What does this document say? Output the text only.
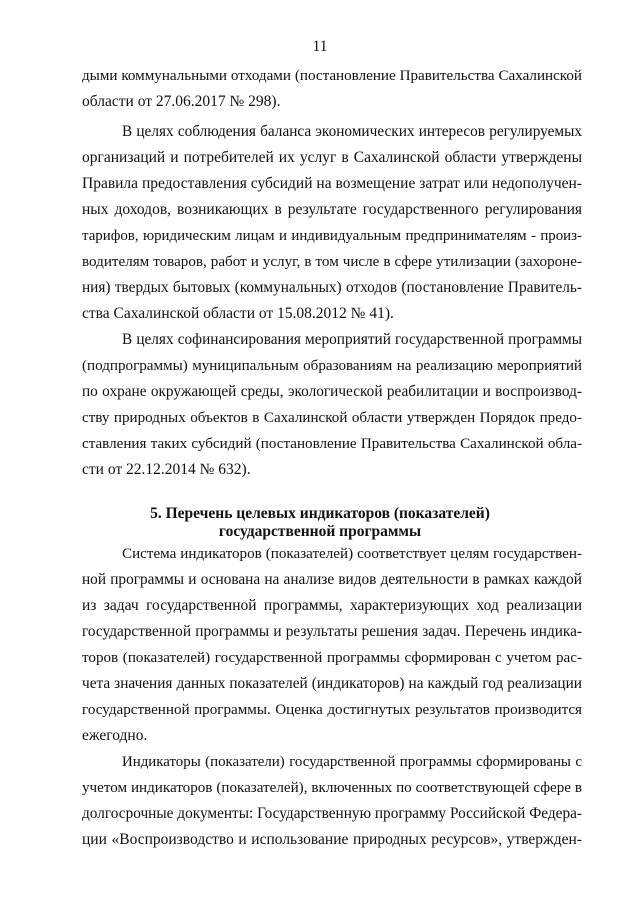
11
дыми коммунальными отходами (постановление Правительства Сахалинской
области от 27.06.2017 № 298).
В целях соблюдения баланса экономических интересов регулируемых
организаций и потребителей их услуг в Сахалинской области утверждены
Правила предоставления субсидий на возмещение затрат или недополучен-
ных доходов, возникающих в результате государственного регулирования
тарифов, юридическим лицам и индивидуальным предпринимателям - произ-
водителям товаров, работ и услуг, в том числе в сфере утилизации (захороне-
ния) твердых бытовых (коммунальных) отходов (постановление Правитель-
ства Сахалинской области от 15.08.2012 № 41).
В целях софинансирования мероприятий государственной программы
(подпрограммы) муниципальным образованиям на реализацию мероприятий
по охране окружающей среды, экологической реабилитации и воспроизвод-
ству природных объектов в Сахалинской области утвержден Порядок предо-
ставления таких субсидий (постановление Правительства Сахалинской обла-
сти от 22.12.2014 № 632).
5. Перечень целевых индикаторов (показателей)
государственной программы
Система индикаторов (показателей) соответствует целям государствен-
ной программы и основана на анализе видов деятельности в рамках каждой
из задач государственной программы, характеризующих ход реализации
государственной программы и результаты решения задач. Перечень индика-
торов (показателей) государственной программы сформирован с учетом рас-
чета значения данных показателей (индикаторов) на каждый год реализации
государственной программы. Оценка достигнутых результатов производится
ежегодно.
Индикаторы (показатели) государственной программы сформированы с
учетом индикаторов (показателей), включенных по соответствующей сфере в
долгосрочные документы: Государственную программу Российской Федера-
ции «Воспроизводство и использование природных ресурсов», утвержден-
